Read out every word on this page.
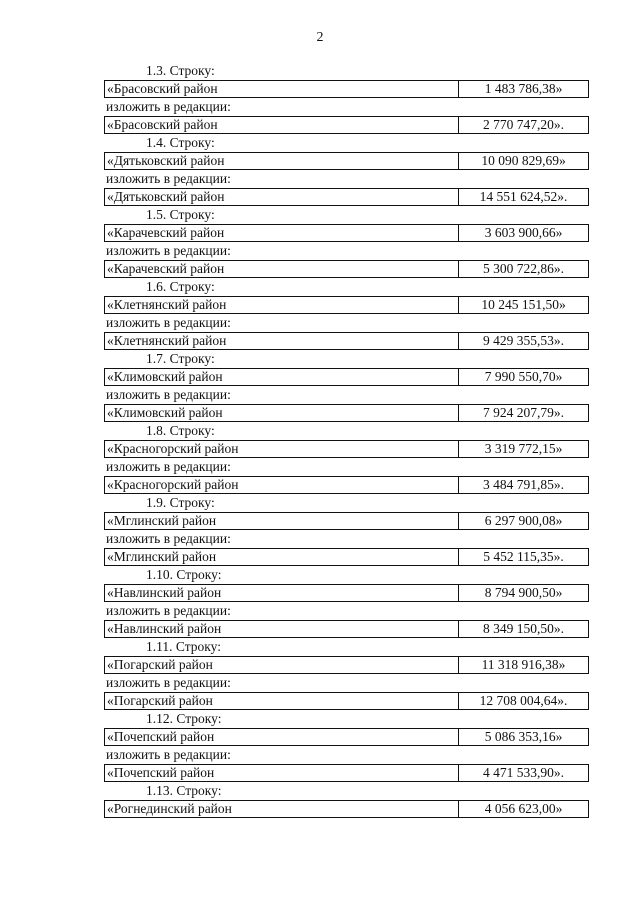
2
1.3. Строку:
«Брасовский район	1 483 786,38»
изложить в редакции:
«Брасовский район	2 770 747,20».
1.4. Строку:
«Дятьковский район	10 090 829,69»
изложить в редакции:
«Дятьковский район	14 551 624,52».
1.5. Строку:
«Карачевский район	3 603 900,66»
изложить в редакции:
«Карачевский район	5 300 722,86».
1.6. Строку:
«Клетнянский район	10 245 151,50»
изложить в редакции:
«Клетнянский район	9 429 355,53».
1.7. Строку:
«Климовский район	7 990 550,70»
изложить в редакции:
«Климовский район	7 924 207,79».
1.8. Строку:
«Красногорский район	3 319 772,15»
изложить в редакции:
«Красногорский район	3 484 791,85».
1.9. Строку:
«Мглинский район	6 297 900,08»
изложить в редакции:
«Мглинский район	5 452 115,35».
1.10. Строку:
«Навлинский район	8 794 900,50»
изложить в редакции:
«Навлинский район	8 349 150,50».
1.11. Строку:
«Погарский район	11 318 916,38»
изложить в редакции:
«Погарский район	12 708 004,64».
1.12. Строку:
«Почепский район	5 086 353,16»
изложить в редакции:
«Почепский район	4 471 533,90».
1.13. Строку:
«Рогнединский район	4 056 623,00»
